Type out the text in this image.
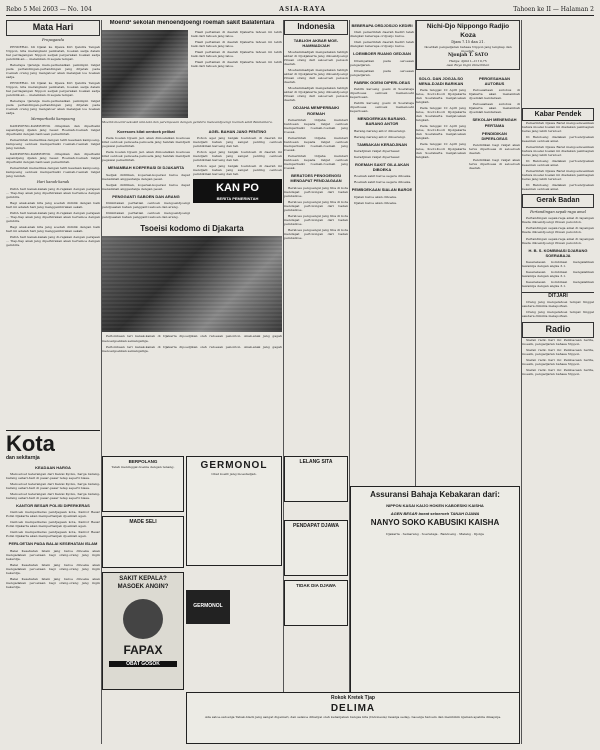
Rebo 5 Mei 2603 — No. 104	ASIA-RAYA	Tahoen ke II — Halaman 2
Mata Hari
Propaganda

PENDERAL Idi Djalal ke Djawa Kiri tjandra Tengah Nippon, kita merangkani pembatah, boekan sadja dalam hal perdagangan Nippon sedjak pergerakan boekan sadja pendidik-an ... melainkan di segala tempat.

Beberapa tjaranja mem-perkenalkan pemimpin rakjat pada pertandingan-pertandingan jang ditjetak pada roemah orang jang mengatoer akan melanjak ioe boekan sadja.

PENDERAL Idi Djalal ke Djawa Kiri tjandra Tengah Nippon, kita merangkani pembatah, boekan sadja dalam hal perdagangan Nippon sedjak pergerakan boekan sadja pendidik-an ... melainkan di segala tempat.

Beberapa tjaranja mem-perkenalkan pemimpin rakjat pada pertandingan-pertandingan jang ditjetak pada roemah orang jang mengatoer akan melanjak ioe boekan sadja.

Memperbaiki kampoeng

KAMPOENG-KAMPOENG dirapikan dan diperbaiki sepandjang djalan jang besar. Roemah-roemah rakjat diperbaiki dengan bantoean pemerintah.

Pemerintah memeriksa dengan teliti keadaan kampoeng-kampoeng oentoek memperbaiki roemah-roemah rakjat jang rendah.

KAMPOENG-KAMPOENG dirapikan dan diperbaiki sepandjang djalan jang besar. Roemah-roemah rakjat diperbaiki dengan bantoean pemerintah.

Pemerintah memeriksa dengan teliti keadaan kampoeng-kampoeng oentoek memperbaiki roemah-roemah rakjat jang rendah.

Hari kanak-kanak

PADA hari kanak-kanak jang di-rajakan dengan perajaan ... Tiap-tiap anak jang diperkirakan akan bertemoe dengan gembira.

Bagi anak-anak kita jang soedah dididik dengan baik hari ini adalah hari jang menggembirakan sekali.

PADA hari kanak-kanak jang di-rajakan dengan perajaan ... Tiap-tiap anak jang diperkirakan akan bertemoe dengan gembira.

Bagi anak-anak kita jang soedah dididik dengan baik hari ini adalah hari jang menggembirakan sekali.

PADA hari kanak-kanak jang di-rajakan dengan perajaan ... Tiap-tiap anak jang diperkirakan akan bertemoe dengan gembira.

Kota
dan sekitarnja
KEADAAN HARGA

Menoeroet keterangan dari Keizai Kyoku, harga barang-barang sehari-hari di pasar-pasar tetap seperti biasa.

Menoeroet keterangan dari Keizai Kyoku, harga barang-barang sehari-hari di pasar-pasar tetap seperti biasa.

Menoeroet keterangan dari Keizai Kyoku, harga barang-barang sehari-hari di pasar-pasar tetap seperti biasa.

KANTOR BESAR POLISI DIPERKERAS

Oentoek memperkeras pendjagaan kota, Kantor Besar Polisi Djakarta akan memperbanjak djoemlah agen.

Oentoek memperkeras pendjagaan kota, Kantor Besar Polisi Djakarta akan memperbanjak djoemlah agen.

Oentoek memperkeras pendjagaan kota, Kantor Besar Polisi Djakarta akan memperbanjak djoemlah agen.

PERLOETAN PADA BALAI KESEHATAN ISLAM

Balai Kesehatan Islam jang baroe diboeka akan mengadakan peroetaan bagi orang-orang jang ingin bekerdja.

Balai Kesehatan Islam jang baroe diboeka akan mengadakan peroetaan bagi orang-orang jang ingin bekerdja.

Balai Kesehatan Islam jang baroe diboeka akan mengadakan peroetaan bagi orang-orang jang ingin bekerdja.

Moerid² sekolah menoendjoengi roemah sakit Balatentara

Hasil pertanian di daerah Djakarta tahoen ini lebih baik dari tahoen jang laloe.

Hasil pertanian di daerah Djakarta tahoen ini lebih baik dari tahoen jang laloe.

Hasil pertanian di daerah Djakarta tahoen ini lebih baik dari tahoen jang laloe.

Hasil pertanian di daerah Djakarta tahoen ini lebih baik dari tahoen jang laloe.

Moerid-moerid sekolah laki-laki dan perempoean dengan gembira menoendjoengi roemah sakit Balatentara.
Koersoes kilat oentoek pelikat

Pada boelan Djoeni jad. akan dimoelaikan koersoes kilat oentoek pemoeda-pemoeda jang hendak mendjadi pegawai pemerintah.

Pada boelan Djoeni jad. akan dimoelaikan koersoes kilat oentoek pemoeda-pemoeda jang hendak mendjadi pegawai pemerintah.

MENAMBAH KOEPERASI DI DJAKARTA

Sedjak didirikan, koperasi-koperasi baroe dapat menambah anggautanja dengan pesat.

Sedjak didirikan, koperasi-koperasi baroe dapat menambah anggautanja dengan pesat.

PENGGANTI SABOEN DAN ARANG

Dimintakan perhatian oentoek mengoendjoengi pendjoealan bahan pengganti saboen dan arang.

Dimintakan perhatian oentoek mengoendjoengi pendjoealan bahan pengganti saboen dan arang.

AGEL BAHAN JANG PENTING

Pohon agel jang banjak toemboeh di daerah ini mendjadi bahan jang sangat penting oentoek pembikinan karoeng dan tali.

Pohon agel jang banjak toemboeh di daerah ini mendjadi bahan jang sangat penting oentoek pembikinan karoeng dan tali.

Pohon agel jang banjak toemboeh di daerah ini mendjadi bahan jang sangat penting oentoek pembikinan karoeng dan tali.

KAN PO
BERITA PEMERINTAH
Tsoeisi kodomo di Djakarta

Perlombaan lari kanak-kanak di Djakarta dipoedjikan oleh ratoesan penonton. Anak-anak jang gagah menoenjoekkan semangatnja.

Perlombaan lari kanak-kanak di Djakarta dipoedjikan oleh ratoesan penonton. Anak-anak jang gagah menoenjoekkan semangatnja.

Indonesia
TABLIGH AKBAR MOE-HAMMADIJAH

Moehammadijah mengadakan tabligh akbar di Djokjakarta jang dikoendjoengi ribuan orang dari seloeroeh pelosok daerah.

Moehammadijah mengadakan tabligh akbar di Djokjakarta jang dikoendjoengi ribuan orang dari seloeroeh pelosok daerah.

Moehammadijah mengadakan tabligh akbar di Djokjakarta jang dikoendjoengi ribuan orang dari seloeroeh pelosok daerah.

ODJAHA MEMPERBAIKI ROEMAH

Pemerintah Odjaha memberi bantoean kepada rakjat oentoek memperbaiki roemah-roemah jang roesak.

Pemerintah Odjaha memberi bantoean kepada rakjat oentoek memperbaiki roemah-roemah jang roesak.

Pemerintah Odjaha memberi bantoean kepada rakjat oentoek memperbaiki roemah-roemah jang roesak.

BERATOES PENGOENGSI MENDAPAT PENDJAGAAN

Beratoes pengoengsi jang tiba di kota mendapat pertolongan dari badan pembantoe.

Beratoes pengoengsi jang tiba di kota mendapat pertolongan dari badan pembantoe.

Beratoes pengoengsi jang tiba di kota mendapat pertolongan dari badan pembantoe.

Beratoes pengoengsi jang tiba di kota mendapat pertolongan dari badan pembantoe.

BEBERAPA ORDJOSIJO KEDIRI

Oleh pemerintah daerah Kediri telah diangkat beberapa ordjosijo baroe.

Oleh pemerintah daerah Kediri telah diangkat beberapa ordjosijo baroe.

LOEMBOER RUANG OEDJIAN

Ditempatkan pada oeroesan pengadjaran.

Ditempatkan pada oeroesan pengadjaran.

PABRIK GOENI DIPERLOEAS

Pabrik karoeng goeni di Soerabaja diperloeas oentoek memenoehi keperloean.

Pabrik karoeng goeni di Soerabaja diperloeas oentoek memenoehi keperloean.

MENDOERKAN BARANG-BARANG ANTOR

Barang-barang antor dikoerangi.

Barang-barang antor dikoerangi.

TAMBAKAN KERADJINAN

Keradjinan rakjat diperbesar.

Keradjinan rakjat diperbesar.

ROEMAH SAKIT GILA AKAN DIBOEKA

Roemah sakit baroe segera diboeka.

Roemah sakit baroe segera diboeka.

PEMBOEKAAN SIALAN BAROE

Djalan baroe akan diboeka.

Djalan baroe akan diboeka.

Nichi-Djo Nippongo Radjio Koza
Djam 7.15 dan 21.
Ikoetilah pengadjaran bahasa Nippon jang lengkap dan moedah.
Njonjah T. SATO
Harga: djilid I—II f 0,75
Asia Raya Ingin Penerbitan
SOLO- DAN JOGJA-SO MENA-DJADI BARIKAN

Pada tanggal 10 April jang laloe, Kooti-Kooti Djokjakarta dan Soerakarta menjatoekan langkah.

Pada tanggal 10 April jang laloe, Kooti-Kooti Djokjakarta dan Soerakarta menjatoekan langkah.

Pada tanggal 10 April jang laloe, Kooti-Kooti Djokjakarta dan Soerakarta menjatoekan langkah.

Pada tanggal 10 April jang laloe, Kooti-Kooti Djokjakarta dan Soerakarta menjatoekan langkah.

PEROESAHAAN AUTOBUS

Peroesahaan autobus di Djakarta akan menambah djoemlah kendaraan.

Peroesahaan autobus di Djakarta akan menambah djoemlah kendaraan.

SEKOLAH MENENGAH PERTAMA
PENDIDIKAN DIPERLOEAS

Pendidikan bagi rakjat akan terus diperloeas di seloeroeh daerah.

Pendidikan bagi rakjat akan terus diperloeas di seloeroeh daerah.

Kabar Pendek

Pemerintah Djawa Barat mengoemoemkan bahwa moelai boelan ini diadakan pembagian beras jang lebih teratoer.

Di Bandoeng diadakan pertoendjoekan kesenian oentoek amal.

Pemerintah Djawa Barat mengoemoemkan bahwa moelai boelan ini diadakan pembagian beras jang lebih teratoer.

Di Bandoeng diadakan pertoendjoekan kesenian oentoek amal.

Pemerintah Djawa Barat mengoemoemkan bahwa moelai boelan ini diadakan pembagian beras jang lebih teratoer.

Di Bandoeng diadakan pertoendjoekan kesenian oentoek amal.

Gerak Badan
Pertandingan sepak-raga amal

Pertandingan sepak-raga amal di lapangan Ikada dikoendjoengi ribuan penonton.

Pertandingan sepak-raga amal di lapangan Ikada dikoendjoengi ribuan penonton.

Pertandingan sepak-raga amal di lapangan Ikada dikoendjoengi ribuan penonton.

H. B. S. KOMBINASI DJARANG SOERABAJA

Kesebelasan kombinasi mengalahkan lawannja dengan angka 3-1.

Kesebelasan kombinasi mengalahkan lawannja dengan angka 3-1.

Kesebelasan kombinasi mengalahkan lawannja dengan angka 3-1.

DITJARI

Orang jang mengetahoei tempat tinggal saudara diminta melaporkan.

Orang jang mengetahoei tempat tinggal saudara diminta melaporkan.

Radio

Siaran radio hari ini: Pembacaan berita, moesik, pengadjaran bahasa Nippon.

Siaran radio hari ini: Pembacaan berita, moesik, pengadjaran bahasa Nippon.

Siaran radio hari ini: Pembacaan berita, moesik, pengadjaran bahasa Nippon.

Siaran radio hari ini: Pembacaan berita, moesik, pengadjaran bahasa Nippon.

BERPOLANG
Telah meninggal doenia dengan tenang.
MADE SELI
SAKIT KEPALA? MASOEK ANGIN?
FAPAX
OBAT GOSOK
GERMONOL
Obat koelit jang moestadjab.
GERMONOL
LELANG SITA
PENDAPAT DJAWA
TIDAK DIA DJAWA
Assuransi Bahaja Kebakaran dari:
NIPPON KASAI KAIJO HOKEN KABOESIKI KAISHA
AGEN BESAR boeat seloeroeh TANAH DJAWA
NANYO SOKO KABUSIKI KAISHA
Djakarta · Semarang · Soerabaja · Bandoeng · Malang · Djokja
Rokok Kretek Tjap
DELIMA
Ada satoe-satoenja Tabak-bladz jang sangat digemari, dan selaloe dihargai oleh kebanjakan bangsa kita (Indonesia) rasanja sedap, baoenja haroem dan membikin njaman apabila diisapnja.
